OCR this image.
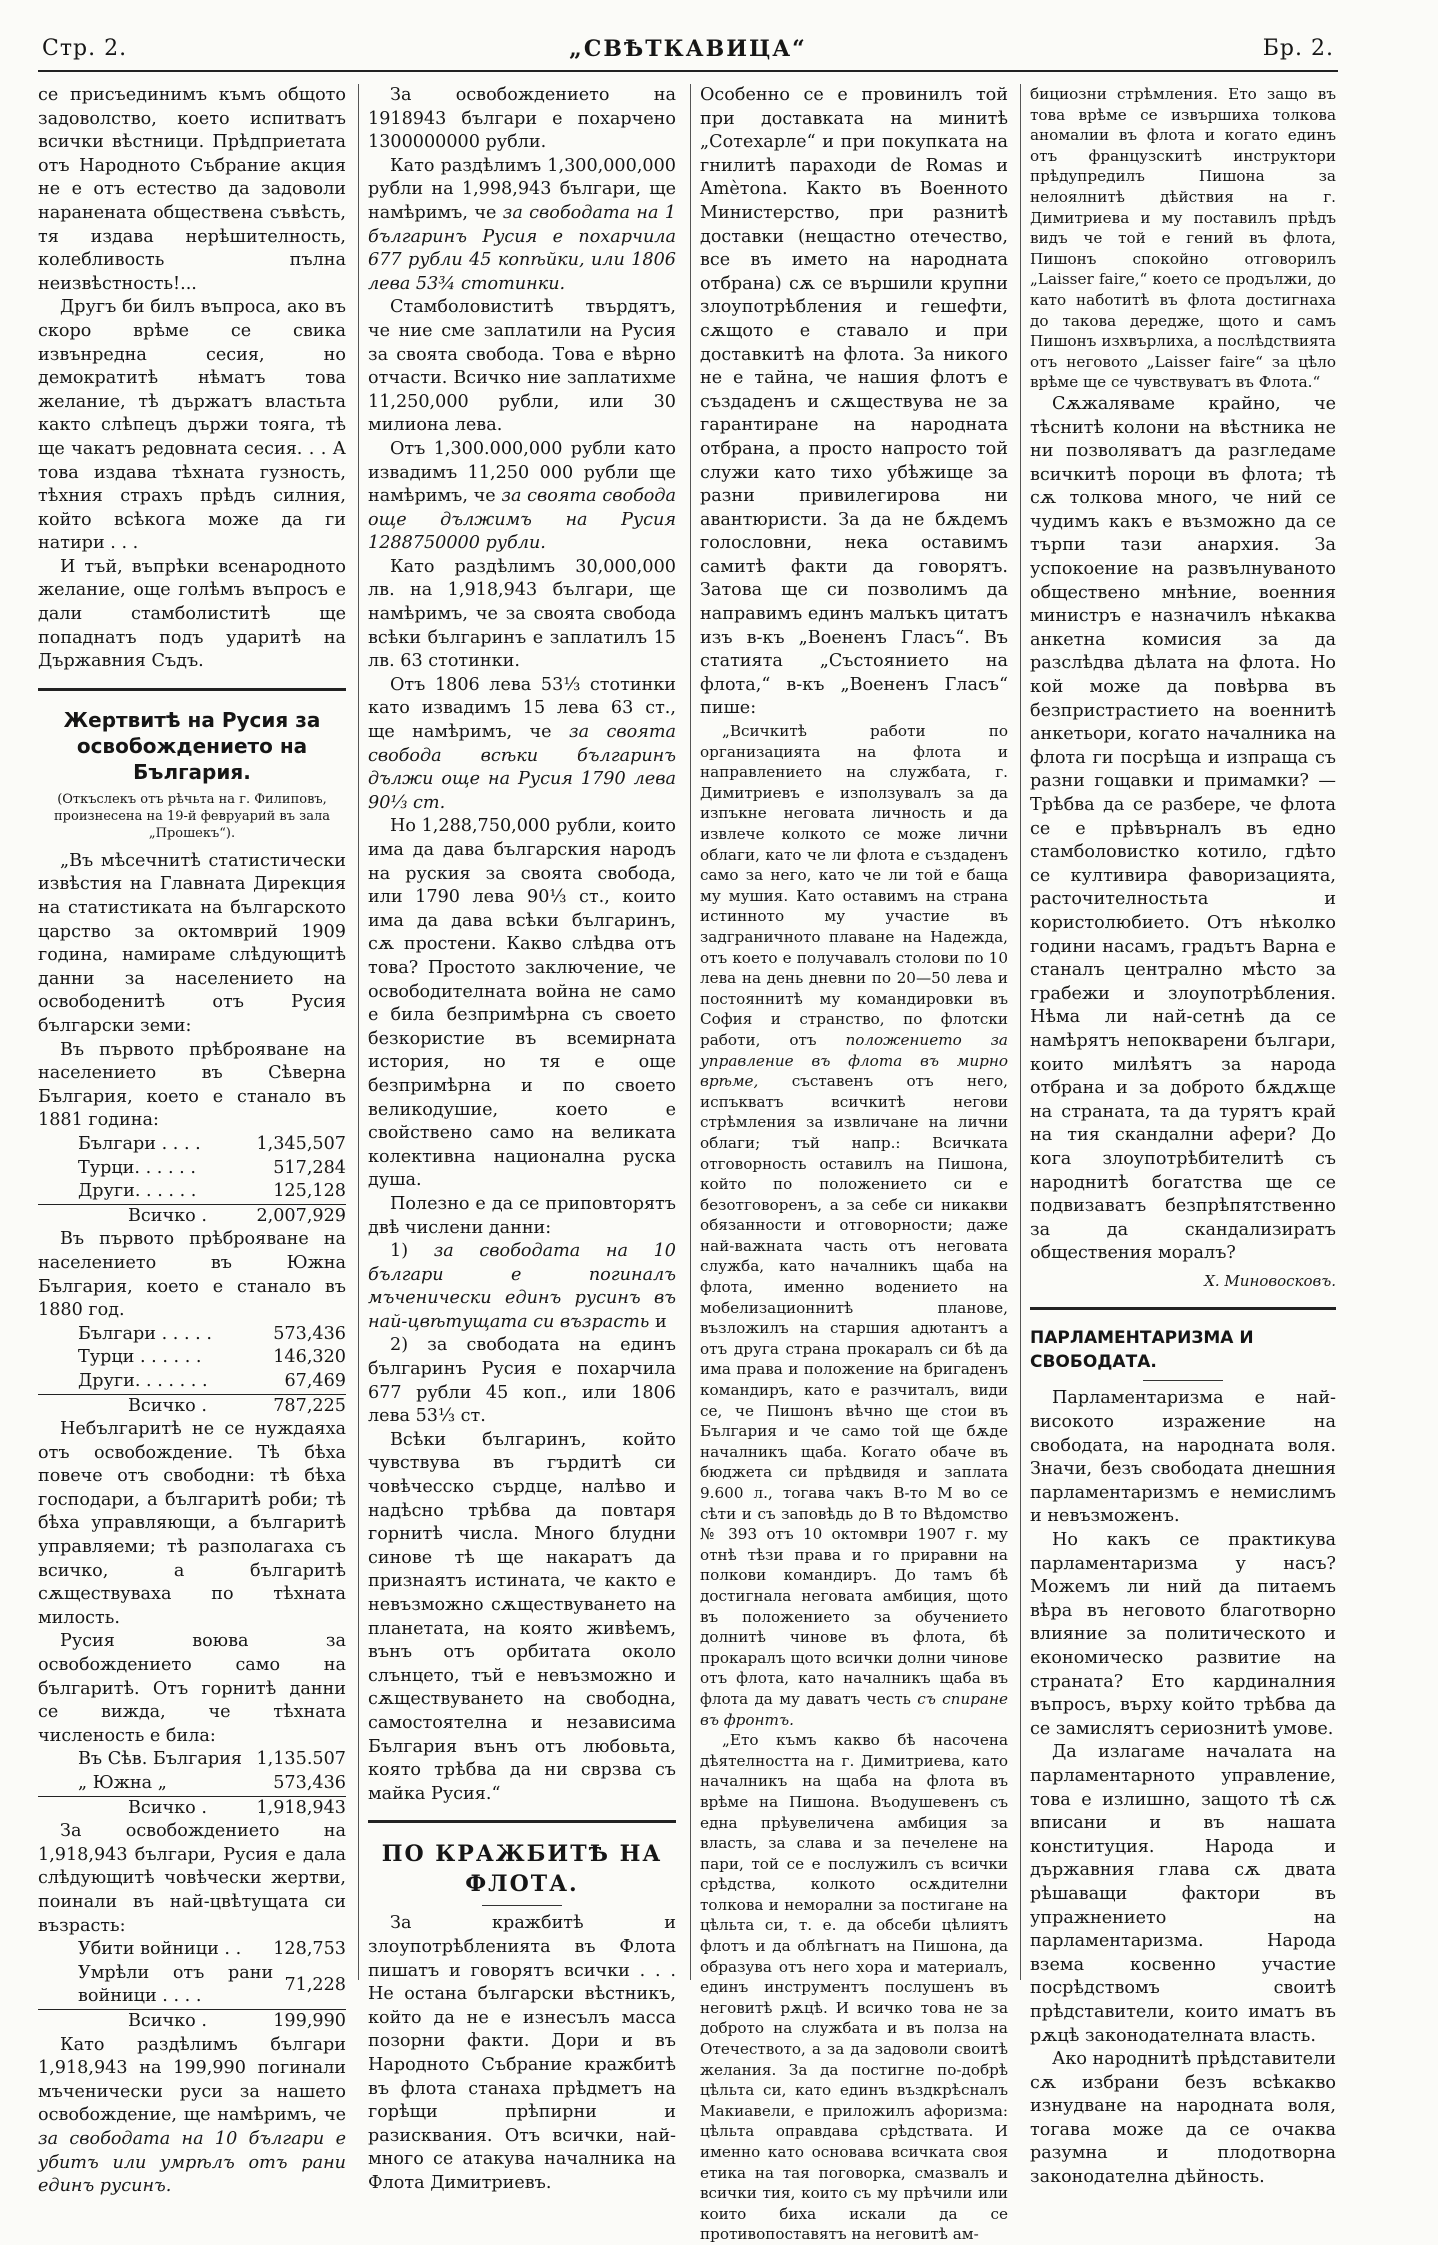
Стр. 2.	„СВѢТКАВИЦА“	Бр. 2.

се присъединимъ къмъ общото задоволство, което испитватъ всички вѣстници. Прѣдприетата отъ Народното Събрание акция не е отъ естество да задоволи наранената обществена съвѣсть, тя издава нерѣшителность, колебливость пълна неизвѣстность!...

Другъ би билъ въпроса, ако въ скоро врѣме се свика извънредна сесия, но демократитѣ нѣматъ това желание, тѣ държатъ властьта както слѣпецъ държи тояга, тѣ ще чакатъ редовната сесия. . . А това издава тѣхната гузность, тѣхния страхъ прѣдъ силния, който всѣкога може да ги натири . . .

И тъй, въпрѣки всенародното желание, още голѣмъ въпросъ е дали стамболиститѣ ще попаднатъ подъ ударитѣ на Държавния Съдъ.

Жертвитѣ на Русия за освобождението на България.
(Откъслекъ отъ рѣчьта на г. Филиповъ, произнесена на 19-й февруарий въ зала „Прошекъ“).

„Въ мѣсечнитѣ статистически извѣстия на Главната Дирекция на статистиката на българското царство за октомврий 1909 година, намираме слѣдующитѣ данни за населението на освободенитѣ отъ Русия български земи:

Въ първото прѣброяване на населението въ Сѣверна България, което е станало въ 1881 година:

Българи . . . .	1,345,507
Турци. . . . . .	517,284
Други. . . . . .	125,128
Всичко .	2,007,929

Въ първото прѣброяване на населението въ Южна България, което е станало въ 1880 год.

Българи . . . . .	573,436
Турци . . . . . .	146,320
Други. . . . . . .	67,469
Всичко .	787,225

Небългаритѣ не се нуждаяха отъ освобождение. Тѣ бѣха повече отъ свободни: тѣ бѣха господари, а българитѣ роби; тѣ бѣха управляющи, а българитѣ управляеми; тѣ разполагаха съ всичко, а българитѣ сѫществуваха по тѣхната милость.

Русия воюва за освобождението само на българитѣ. Отъ горнитѣ данни се вижда, че тѣхната численость е била:

Въ Сѣв. България	1,135.507
„ Южна „	573,436
Всичко .	1,918,943

За освобождението на 1,918,943 българи, Русия е дала слѣдующитѣ човѣчески жертви, поинали въ най-цвѣтущата си възрасть:

Убити войници . .	128,753
Умрѣли отъ рани войници . . . .	71,228
Всичко .	199,990

Като раздѣлимъ българи 1,918,943 на 199,990 погинали мъченически руси за нашето освобождение, ще намѣримъ, че за свободата на 10 българи е убитъ или умрѣлъ отъ рани единъ русинъ.

За освобождението на 1918943 българи е похарчено 1300000000 рубли.

Като раздѣлимъ 1,300,000,000 рубли на 1,998,943 българи, ще намѣримъ, че за свободата на 1 българинъ Русия е похарчила 677 рубли 45 копѣйки, или 1806 лева 53¾ стотинки.

Стамболовиститѣ твърдятъ, че ние сме заплатили на Русия за своята свобода. Това е вѣрно отчасти. Всичко ние заплатихме 11,250,000 рубли, или 30 милиона лева.

Отъ 1,300.000,000 рубли като извадимъ 11,250 000 рубли ще намѣримъ, че за своята свобода още дължимъ на Русия 1288750000 рубли.

Като раздѣлимъ 30,000,000 лв. на 1,918,943 българи, ще намѣримъ, че за своята свобода всѣки българинъ е заплатилъ 15 лв. 63 стотинки.

Отъ 1806 лева 53⅓ стотинки като извадимъ 15 лева 63 ст., ще намѣримъ, че за своята свобода всѣки българинъ дължи още на Русия 1790 лева 90⅓ ст.

Но 1,288,750,000 рубли, които има да дава българския народъ на руския за своята свобода, или 1790 лева 90⅓ ст., които има да дава всѣки българинъ, сѫ простени. Какво слѣдва отъ това? Простото заключение, че освободителната война не само е била безпримѣрна съ своето безкористие въ всемирната история, но тя е още безпримѣрна и по своето великодушие, което е свойствено само на великата колективна национална руска душа.

Полезно е да се приповторятъ двѣ числени данни:

1) за свободата на 10 българи е погиналъ мъченически единъ русинъ въ най-цвѣтущата си възрасть и

2) за свободата на единъ българинъ Русия е похарчила 677 рубли 45 коп., или 1806 лева 53⅓ ст.

Всѣки българинъ, който чувствува въ гърдитѣ си човѣчесско сърдце, налѣво и надѣсно трѣбва да повтаря горнитѣ числа. Много блудни синове тѣ ще накаратъ да признаятъ истината, че както е невъзможно сѫществуването на планетата, на която живѣемъ, вънъ отъ орбитата около слънцето, тъй е невъзможно и сѫществуването на свободна, самостоятелна и независима България вънъ отъ любовьта, която трѣбва да ни сврзва съ майка Русия.“

ПО КРАЖБИТѢ НА ФЛОТА.

За кражбитѣ и злоупотрѣбленията въ Флота пишатъ и говорятъ всички . . . Не остана български вѣстникъ, който да не е изнесълъ масса позорни факти. Дори и въ Народното Събрание кражбитѣ въ флота станаха прѣдметъ на горѣщи прѣпирни и разисквания. Отъ всички, най-много се атакува началника на Флота Димитриевъ.

Особенно се е провинилъ той при доставката на минитѣ „Сотехарле“ и при покупката на гнилитѣ параходи de Roмas и Amѐтоnа. Както въ Военното Министерство, при разнитѣ доставки (нещастно отечество, все въ името на народната отбрана) сѫ се вършили крупни злоупотрѣбления и гешефти, сѫщото е ставало и при доставкитѣ на флота. За никого не е тайна, че нашия флотъ е създаденъ и сѫществува не за гарантиране на народната отбрана, а просто напросто той служи като тихо убѣжище за разни привилегирова ни авантюристи. За да не бѫдемъ голословни, нека оставимъ самитѣ факти да говорятъ. Затова ще си позволимъ да направимъ единъ малъкъ цитатъ изъ в-къ „Воененъ Гласъ“. Въ статията „Състоянието на флота,“ в-къ „Воененъ Гласъ“ пише:

„Всичкитѣ работи по организацията на флота и направлението на службата, г. Димитриевъ е използувалъ за да изпъкне неговата личность и да извлече колкото се може лични облаги, като че ли флота е създаденъ само за него, като че ли той е баща му мушия. Като оставимъ на страна истинното му участие въ задграничното плаване на Надежда, отъ което е получавалъ столови по 10 лева на день дневни по 20—50 лева и постояннитѣ му командировки въ София и странство, по флотски работи, отъ положението за управление въ флота въ мирно врѣме, съставенъ отъ него, испъкватъ всичкитѣ негови стрѣмления за извличане на лични облаги; тъй напр.: Всичката отговорность оставилъ на Пишона, който по положението си е безотговоренъ, а за себе си никакви обязанности и отговорности; даже най-важната часть отъ неговата служба, като началникъ щаба на флота, именно водението на мобелизационнитѣ планове, възложилъ на старшия адютантъ а отъ друга страна прокаралъ си бѣ да има права и положение на бригаденъ командиръ, като е разчиталъ, види се, че Пишонъ вѣчно ще стои въ България и че само той ще бѫде началникъ щаба. Когато обаче въ бюджета си прѣдвидя и заплата 9.600 л., тогава чакъ В-то М во се сѣти и съ заповѣдь до В то Вѣдомство № 393 отъ 10 октомври 1907 г. му отнѣ тѣзи права и го приравни на полкови командиръ. До тамъ бѣ достигнала неговата амбиция, щото въ положението за обучението долнитѣ чинове въ флота, бѣ прокаралъ щото всички долни чинове отъ флота, като началникъ щаба въ флота да му даватъ честь съ спиране въ фронтъ.

„Ето къмъ какво бѣ насочена дѣятелността на г. Димитриева, като началникъ на щаба на флота въ врѣме на Пишона. Въодушевенъ съ една прѣувеличена амбиция за власть, за слава и за печелене на пари, той се е послужилъ съ всички срѣдства, колкото осѫдителни толкова и неморални за постигане на цѣльта си, т. е. да обсеби цѣлиятъ флотъ и да облѣгнатъ на Пишона, да образува отъ него хора и материалъ, единъ инструментъ послушенъ въ неговитѣ рѫцѣ. И всичко това не за доброто на службата и въ полза на Отечеството, а за да задоволи своитѣ желания. За да постигне по-добрѣ цѣльта си, като единъ въздкрѣсналъ Макиавели, е приложилъ афоризма: цѣльта оправдава срѣдствата. И именно като основава всичката своя етика на тая поговорка, смазвалъ и всички тия, които съ му прѣчили или които биха искали да се противопоставятъ на неговитѣ ам-

бициозни стрѣмления. Ето защо въ това врѣме се извършиха толкова аномалии въ флота и когато единъ отъ французскитѣ инструктори прѣдупредилъ Пишона за нелоялнитѣ дѣйствия на г. Димитриева и му поставилъ прѣдъ видъ че той е гений въ флота, Пишонъ спокойно отговорилъ „Laisser faire,“ което се продължи, до като наботитѣ въ флота достигнаха до такова дередже, щото и самъ Пишонъ изхвърлиха, а послѣдствията отъ неговото „Laisser faire“ за цѣло врѣме ще се чувствуватъ въ Флота.“

Сѫжаляваме крайно, че тѣснитѣ колони на вѣстника не ни позволяватъ да разгледаме всичкитѣ пороци въ флота; тѣ сѫ толкова много, че ний се чудимъ какъ е възможно да се търпи тази анархия. За успокоение на развълнуваното обществено мнѣние, военния министръ е назначилъ нѣкаква анкетна комисия за да разслѣдва дѣлата на флота. Но кой може да повѣрва въ безпристрастието на военнитѣ анкетьори, когато началника на флота ги посрѣща и изпраща съ разни гощавки и примамки? — Трѣбва да се разбере, че флота се е прѣвърналъ въ едно стамболовистко котило, гдѣто се култивира фаворизацията, расточителностьта и користолюбието. Отъ нѣколко години насамъ, градътъ Варна е станалъ централно мѣсто за грабежи и злоупотрѣбления. Нѣма ли най-сетнѣ да се намѣрятъ непокварени българи, които милѣятъ за народа отбрана и за доброто бѫдѫще на страната, та да турятъ край на тия скандални афери? До кога злоупотрѣбителитѣ съ народнитѣ богатства ще се подвизаватъ безпрѣпятственно за да скандализиратъ обществения моралъ?

Х. Миновосковъ.
ПАРЛАМЕНТАРИЗМА И СВОБОДАТА.

Парламентаризма е най-високото изражение на свободата, на народната воля. Значи, безъ свободата днешния парламентаризмъ е немислимъ и невъзможенъ.

Но какъ се практикува парламентаризма у насъ? Можемъ ли ний да питаемъ вѣра въ неговото благотворно влияние за политическото и економическо развитие на страната? Ето кардиналния въпросъ, върху който трѣбва да се замислятъ сериознитѣ умове.

Да излагаме началата на парламентарното управление, това е излишно, защото тѣ сѫ вписани и въ нашата конституция. Народа и държавния глава сѫ двата рѣшаващи фактори въ упражнението на парламентаризма. Народа взема косвенно участие посрѣдствомъ своитѣ прѣдставители, които иматъ въ рѫцѣ законодателната власть.

Ако народнитѣ прѣдставители сѫ избрани безъ всѣкакво изнудване на народната воля, тогава може да се очаква разумна и плодотворна законодателна дѣйность.
